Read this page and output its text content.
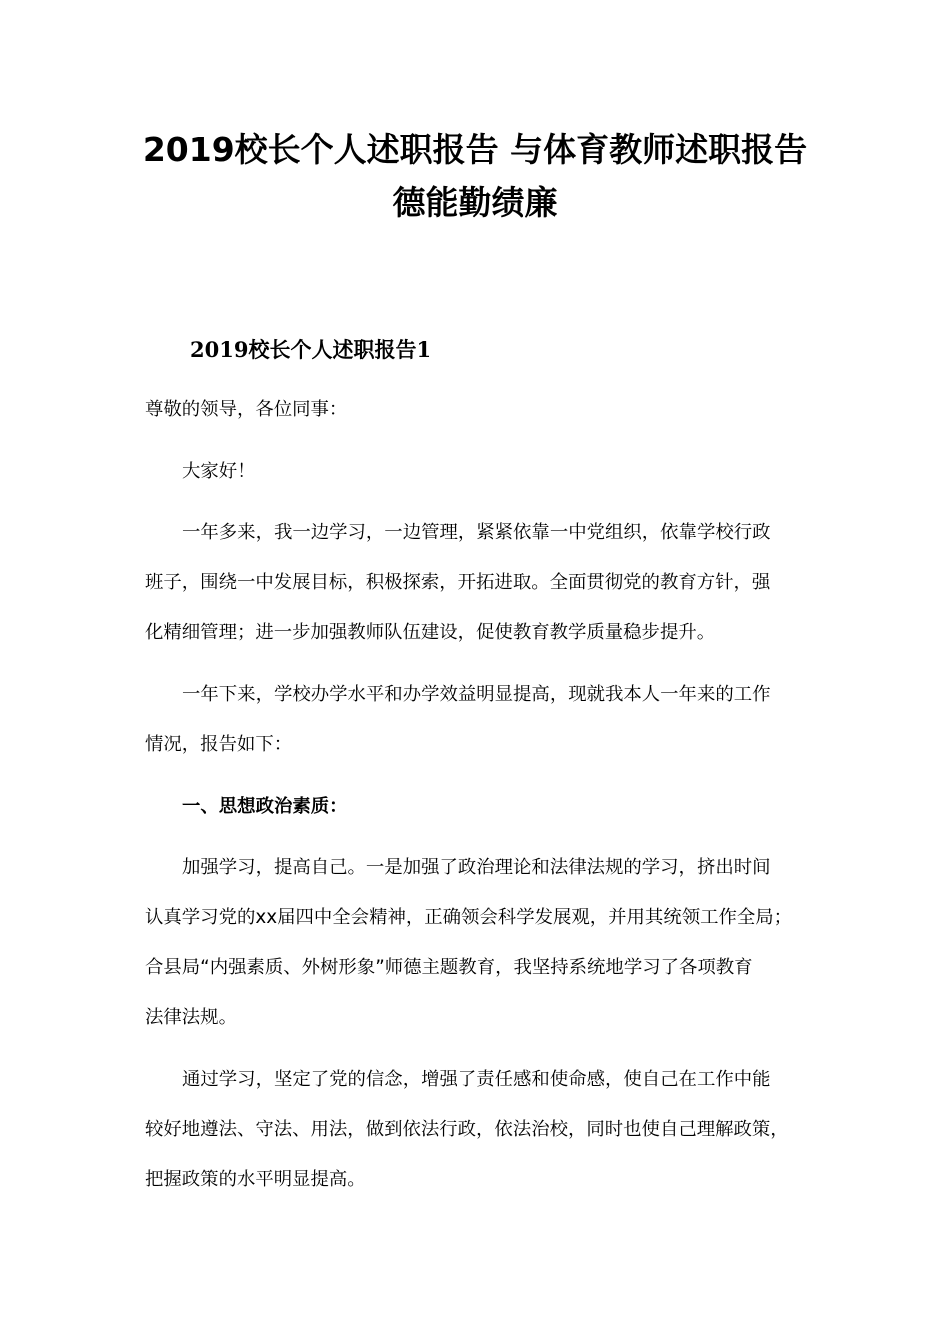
2019校长个人述职报告 与体育教师述职报告
德能勤绩廉
2019校长个人述职报告1

尊敬的领导，各位同事：

大家好！

一年多来，我一边学习，一边管理，紧紧依靠一中党组织，依靠学校行政

班子，围绕一中发展目标，积极探索，开拓进取。全面贯彻党的教育方针，强

化精细管理；进一步加强教师队伍建设，促使教育教学质量稳步提升。

一年下来，学校办学水平和办学效益明显提高，现就我本人一年来的工作

情况，报告如下：

一、思想政治素质：

加强学习，提高自己。一是加强了政治理论和法律法规的学习，挤出时间

认真学习党的xx届四中全会精神，正确领会科学发展观，并用其统领工作全局；

合县局“内强素质、外树形象”师德主题教育，我坚持系统地学习了各项教育

法律法规。

通过学习，坚定了党的信念，增强了责任感和使命感，使自己在工作中能

较好地遵法、守法、用法，做到依法行政，依法治校，同时也使自己理解政策，

把握政策的水平明显提高。
